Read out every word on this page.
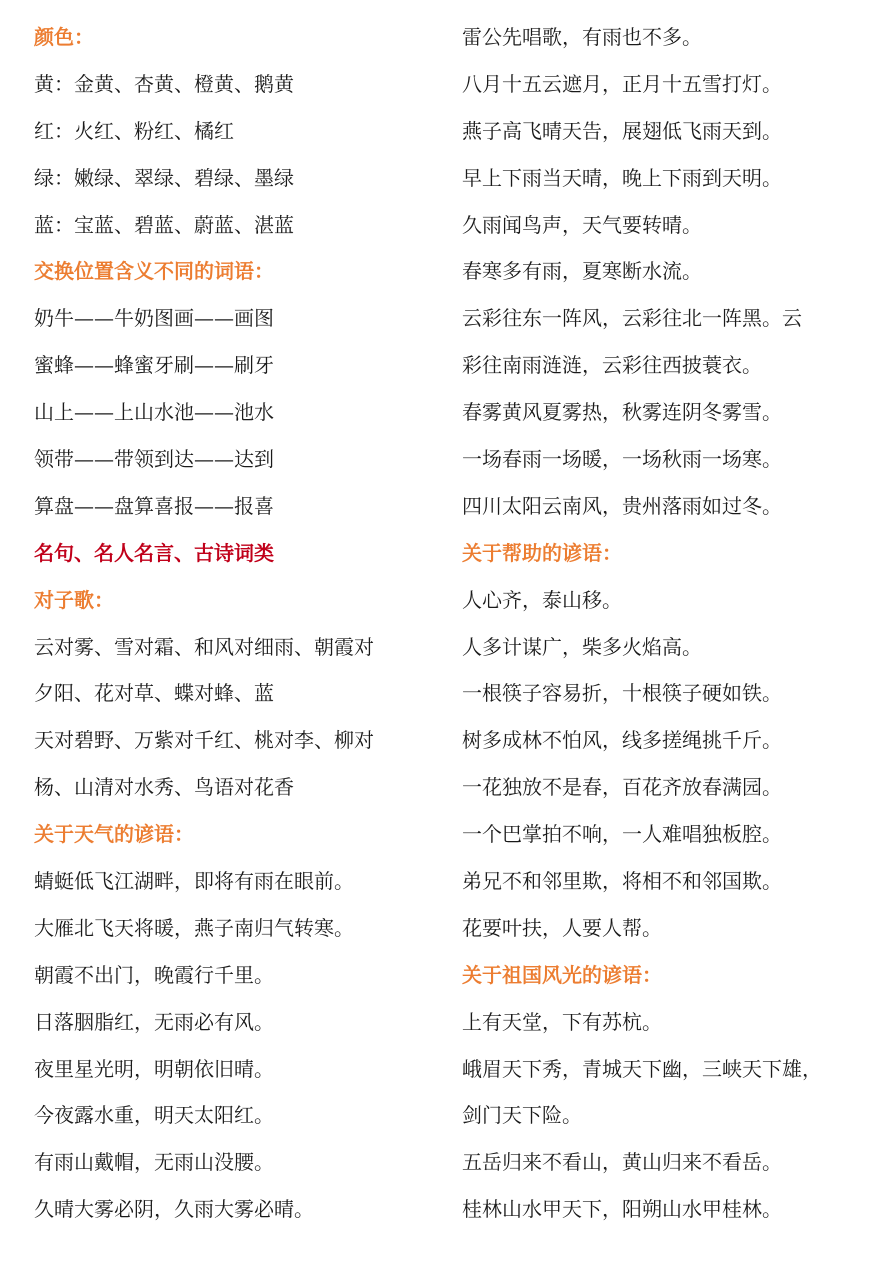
颜色：
黄：金黄、杏黄、橙黄、鹅黄
红：火红、粉红、橘红
绿：嫩绿、翠绿、碧绿、墨绿
蓝：宝蓝、碧蓝、蔚蓝、湛蓝
交换位置含义不同的词语：
奶牛——牛奶图画——画图
蜜蜂——蜂蜜牙刷——刷牙
山上——上山水池——池水
领带——带领到达——达到
算盘——盘算喜报——报喜
名句、名人名言、古诗词类
对子歌：
云对雾、雪对霜、和风对细雨、朝霞对
夕阳、花对草、蝶对蜂、蓝
天对碧野、万紫对千红、桃对李、柳对
杨、山清对水秀、鸟语对花香
关于天气的谚语：
蜻蜓低飞江湖畔，即将有雨在眼前。
大雁北飞天将暖，燕子南归气转寒。
朝霞不出门，晚霞行千里。
日落胭脂红，无雨必有风。
夜里星光明，明朝依旧晴。
今夜露水重，明天太阳红。
有雨山戴帽，无雨山没腰。
久晴大雾必阴，久雨大雾必晴。
雷公先唱歌，有雨也不多。
八月十五云遮月，正月十五雪打灯。
燕子高飞晴天告，展翅低飞雨天到。
早上下雨当天晴，晚上下雨到天明。
久雨闻鸟声，天气要转晴。
春寒多有雨，夏寒断水流。
云彩往东一阵风，云彩往北一阵黑。云
彩往南雨涟涟，云彩往西披蓑衣。
春雾黄风夏雾热，秋雾连阴冬雾雪。
一场春雨一场暖，一场秋雨一场寒。
四川太阳云南风，贵州落雨如过冬。
关于帮助的谚语：
人心齐，泰山移。
人多计谋广，柴多火焰高。
一根筷子容易折，十根筷子硬如铁。
树多成林不怕风，线多搓绳挑千斤。
一花独放不是春，百花齐放春满园。
一个巴掌拍不响，一人难唱独板腔。
弟兄不和邻里欺，将相不和邻国欺。
花要叶扶，人要人帮。
关于祖国风光的谚语：
上有天堂，下有苏杭。
峨眉天下秀，青城天下幽，三峡天下雄，
剑门天下险。
五岳归来不看山，黄山归来不看岳。
桂林山水甲天下，阳朔山水甲桂林。
